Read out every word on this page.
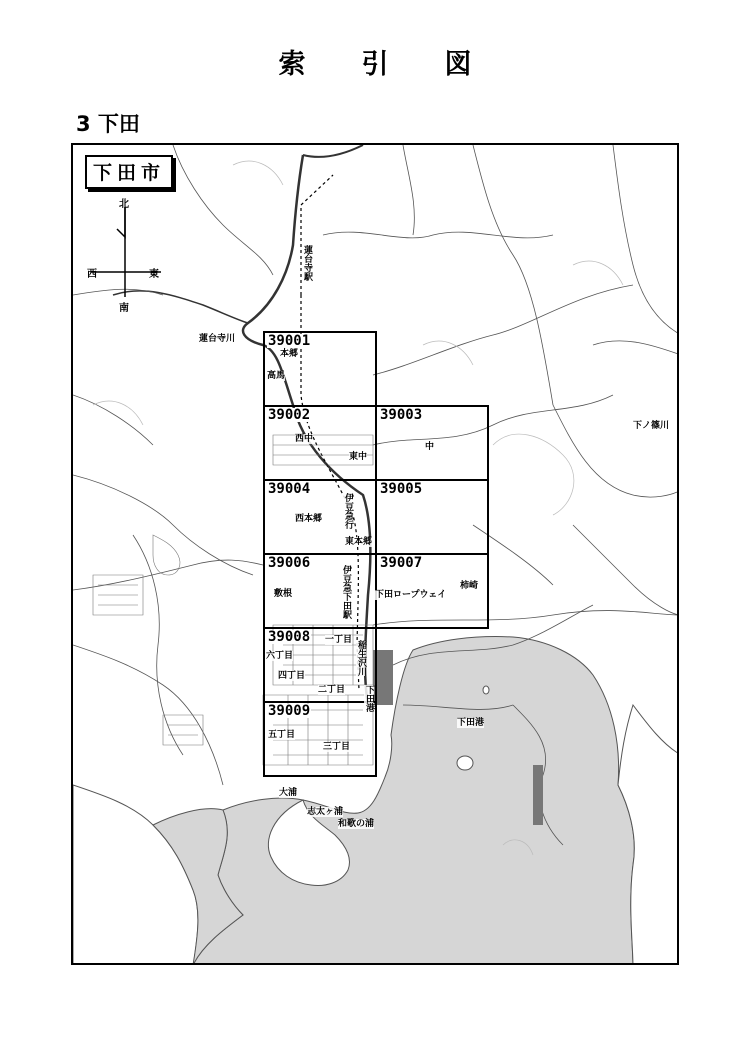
索 引 図
3 下田
下田市
北
南
西	東
39001
39002	39003
39004	39005
39006	39007
39008
39009
蓮台寺駅
蓮台寺川
本郷
高馬
西中
東中
中
下ノ篠川
西本郷
東本郷
伊豆急行
敷根	伊豆急下田駅	下田ロープウェイ
柿崎
一丁目
六丁目
四丁目
二丁目
稲生沢川
下田港
下田港
五丁目
三丁目
大浦
志太ヶ浦
和歌の浦
